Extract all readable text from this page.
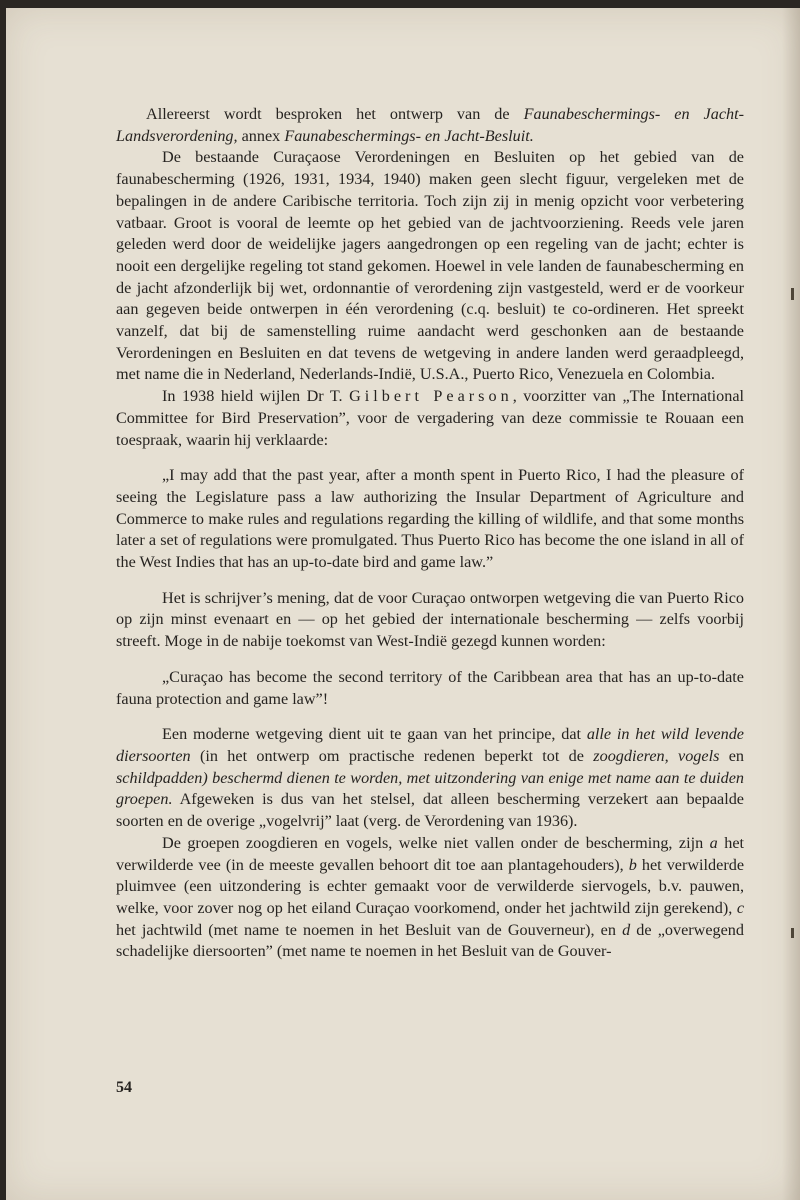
Allereerst wordt besproken het ontwerp van de Faunabeschermings- en Jacht-Landsverordening, annex Faunabeschermings- en Jacht-Besluit.

De bestaande Curaçaose Verordeningen en Besluiten op het gebied van de faunabescherming (1926, 1931, 1934, 1940) maken geen slecht figuur, vergeleken met de bepalingen in de andere Caribische territoria. Toch zijn zij in menig opzicht voor verbetering vatbaar. Groot is vooral de leemte op het gebied van de jachtvoorziening. Reeds vele jaren geleden werd door de weidelijke jagers aangedrongen op een regeling van de jacht; echter is nooit een dergelijke regeling tot stand gekomen. Hoewel in vele landen de faunabescherming en de jacht afzonderlijk bij wet, ordonnantie of verordening zijn vastgesteld, werd er de voorkeur aan gegeven beide ontwerpen in één verordening (c.q. besluit) te co-ordineren. Het spreekt vanzelf, dat bij de samenstelling ruime aandacht werd geschonken aan de bestaande Verordeningen en Besluiten en dat tevens de wetgeving in andere landen werd geraadpleegd, met name die in Nederland, Nederlands-Indië, U.S.A., Puerto Rico, Venezuela en Colombia.

In 1938 hield wijlen Dr T. Gilbert Pearson, voorzitter van „The International Committee for Bird Preservation”, voor de vergadering van deze commissie te Rouaan een toespraak, waarin hij verklaarde:

„I may add that the past year, after a month spent in Puerto Rico, I had the pleasure of seeing the Legislature pass a law authorizing the Insular Department of Agriculture and Commerce to make rules and regulations regarding the killing of wildlife, and that some months later a set of regulations were promulgated. Thus Puerto Rico has become the one island in all of the West Indies that has an up-to-date bird and game law.”

Het is schrijver’s mening, dat de voor Curaçao ontworpen wetgeving die van Puerto Rico op zijn minst evenaart en — op het gebied der internationale bescherming — zelfs voorbij streeft. Moge in de nabije toekomst van West-Indië gezegd kunnen worden:

„Curaçao has become the second territory of the Caribbean area that has an up-to-date fauna protection and game law”!

Een moderne wetgeving dient uit te gaan van het principe, dat alle in het wild levende diersoorten (in het ontwerp om practische redenen beperkt tot de zoogdieren, vogels en schildpadden) beschermd dienen te worden, met uitzondering van enige met name aan te duiden groepen. Afgeweken is dus van het stelsel, dat alleen bescherming verzekert aan bepaalde soorten en de overige „vogelvrij” laat (verg. de Verordening van 1936).

De groepen zoogdieren en vogels, welke niet vallen onder de bescherming, zijn a het verwilderde vee (in de meeste gevallen behoort dit toe aan plantagehouders), b het verwilderde pluimvee (een uitzondering is echter gemaakt voor de verwilderde siervogels, b.v. pauwen, welke, voor zover nog op het eiland Curaçao voorkomend, onder het jachtwild zijn gerekend), c het jachtwild (met name te noemen in het Besluit van de Gouverneur), en d de „overwegend schadelijke diersoorten” (met name te noemen in het Besluit van de Gouver-

54
